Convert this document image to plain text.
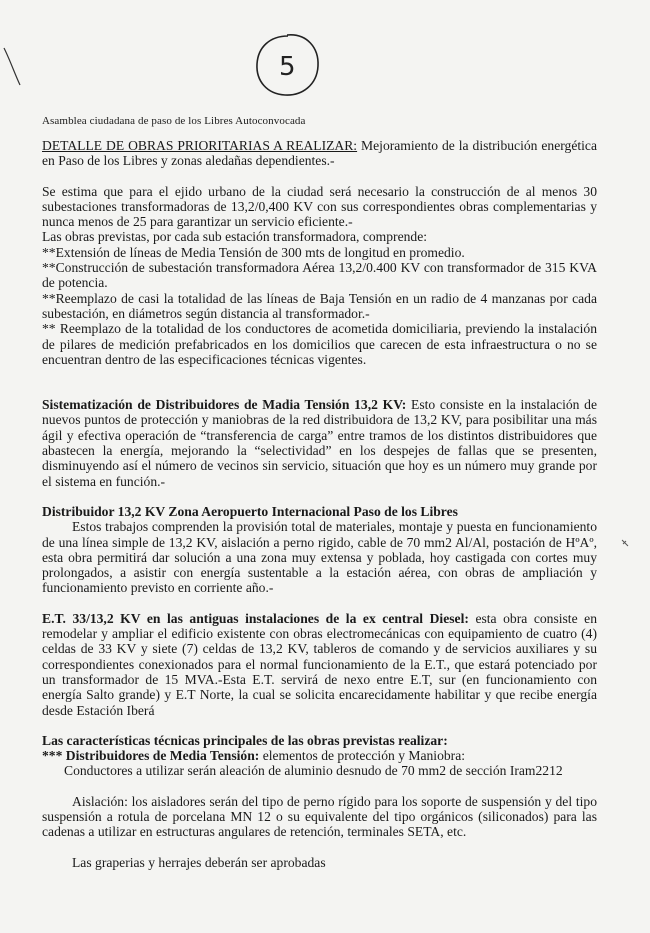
5
Asamblea ciudadana de paso de los Libres Autoconvocada

DETALLE DE OBRAS PRIORITARIAS A REALIZAR: Mejoramiento de la distribución energética en Paso de los Libres y zonas aledañas dependientes.-

Se estima que para el ejido urbano de la ciudad será necesario la construcción de al menos 30 subestaciones transformadoras de 13,2/0,400 KV con sus correspondientes obras complementarias y nunca menos de 25 para garantizar un servicio eficiente.-

Las obras previstas, por cada sub estación transformadora, comprende:

**Extensión de líneas de Media Tensión de 300 mts de longitud en promedio.

**Construcción de subestación transformadora Aérea 13,2/0.400 KV con transformador de 315 KVA de potencia.

**Reemplazo de casi la totalidad de las líneas de Baja Tensión en un radio de 4 manzanas por cada subestación, en diámetros según distancia al transformador.-

** Reemplazo de la totalidad de los conductores de acometida domiciliaria, previendo la instalación de pilares de medición prefabricados en los domicilios que carecen de esta infraestructura o no se encuentran dentro de las especificaciones técnicas vigentes.

Sistematización de Distribuidores de Madia Tensión 13,2 KV: Esto consiste en la instalación de nuevos puntos de protección y maniobras de la red distribuidora de 13,2 KV, para posibilitar una más ágil y efectiva operación de “transferencia de carga” entre tramos de los distintos distribuidores que abastecen la energía, mejorando la “selectividad” en los despejes de fallas que se presenten, disminuyendo así el número de vecinos sin servicio, situación que hoy es un número muy grande por el sistema en función.-

Distribuidor 13,2 KV Zona Aeropuerto Internacional Paso de los Libres

Estos trabajos comprenden la provisión total de materiales, montaje y puesta en funcionamiento de una línea simple de 13,2 KV, aislación a perno rigido, cable de 70 mm2 Al/Al, postación de HºAº, esta obra permitirá dar solución a una zona muy extensa y poblada, hoy castigada con cortes muy prolongados, a asistir con energía sustentable a la estación aérea, con obras de ampliación y funcionamiento previsto en corriente año.-

E.T. 33/13,2 KV en las antiguas instalaciones de la ex central Diesel: esta obra consiste en remodelar y ampliar el edificio existente con obras electromecánicas con equipamiento de cuatro (4) celdas de 33 KV y siete (7) celdas de 13,2 KV, tableros de comando y de servicios auxiliares y su correspondientes conexionados para el normal funcionamiento de la E.T., que estará potenciado por un transformador de 15 MVA.-Esta E.T. servirá de nexo entre E.T, sur (en funcionamiento con energía Salto grande) y E.T Norte, la cual se solicita encarecidamente habilitar y que recibe energía desde Estación Iberá

Las características técnicas principales de las obras previstas realizar:

*** Distribuidores de Media Tensión: elementos de protección y Maniobra:

Conductores a utilizar serán aleación de aluminio desnudo de 70 mm2 de sección Iram2212

Aislación: los aisladores serán del tipo de perno rígido para los soporte de suspensión y del tipo suspensión a rotula de porcelana MN 12 o su equivalente del tipo orgánicos (siliconados) para las cadenas a utilizar en estructuras angulares de retención, terminales SETA, etc.

Las graperias y herrajes deberán ser aprobadas
